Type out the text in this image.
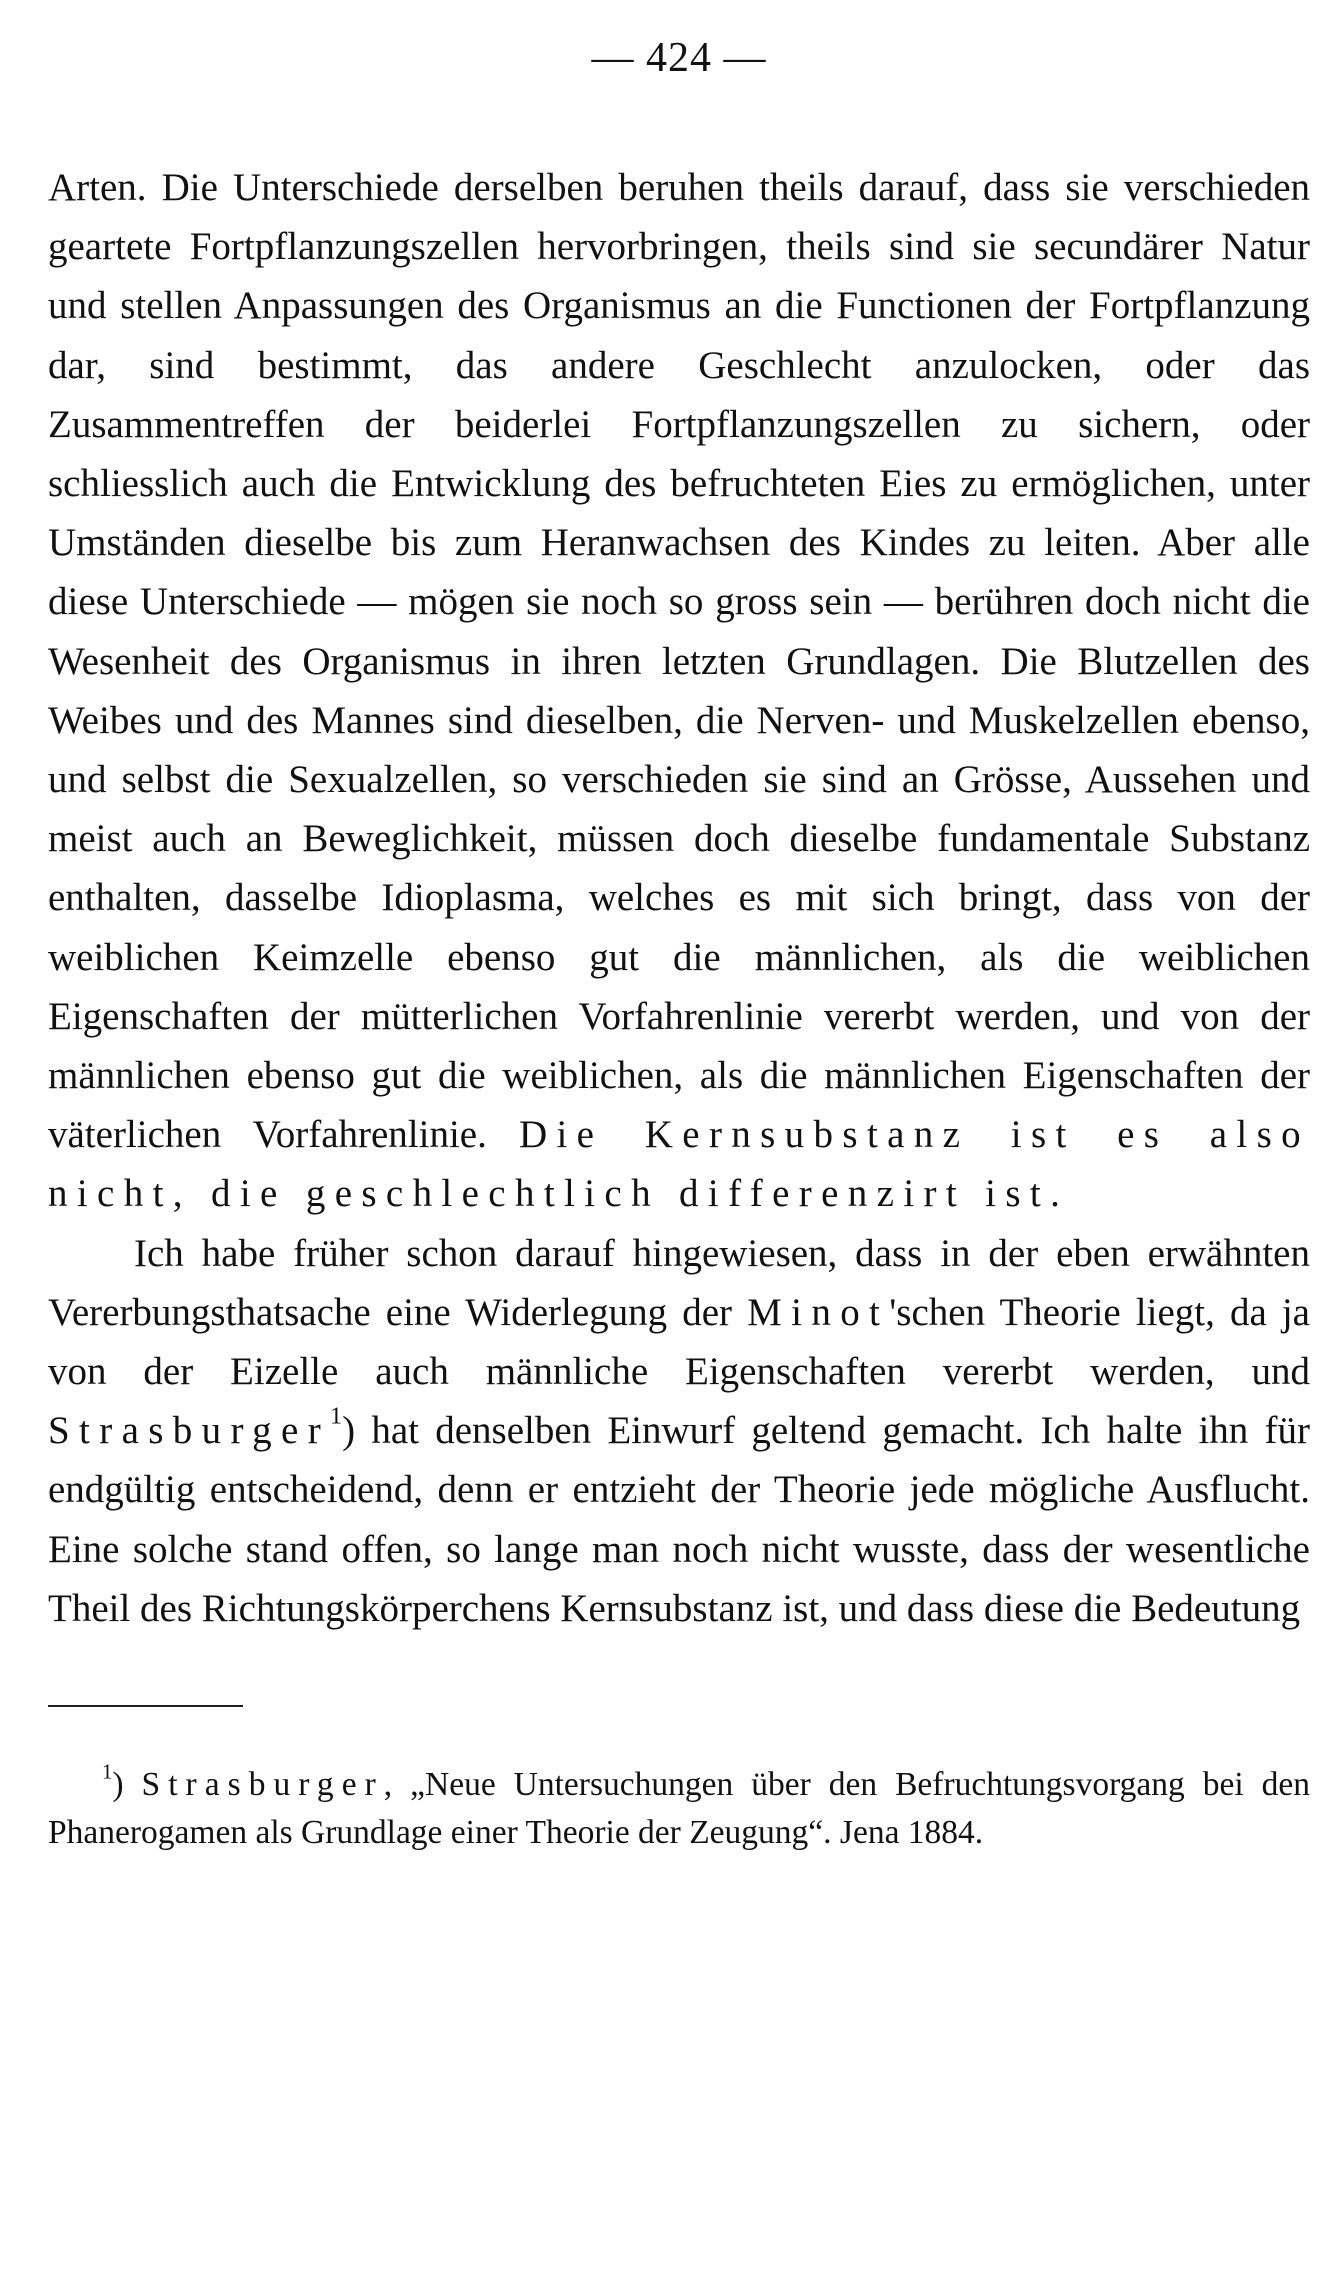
— 424 —

Arten. Die Unterschiede derselben beruhen theils darauf, dass sie verschieden geartete Fortpflanzungszellen hervorbringen, theils sind sie secundärer Natur und stellen Anpassungen des Organismus an die Functionen der Fortpflanzung dar, sind bestimmt, das andere Geschlecht anzulocken, oder das Zusammentreffen der beiderlei Fortpflanzungszellen zu sichern, oder schliesslich auch die Entwicklung des befruchteten Eies zu ermöglichen, unter Umständen dieselbe bis zum Heranwachsen des Kindes zu leiten. Aber alle diese Unterschiede — mögen sie noch so gross sein — berühren doch nicht die Wesenheit des Organismus in ihren letzten Grundlagen. Die Blutzellen des Weibes und des Mannes sind dieselben, die Nerven- und Muskelzellen ebenso, und selbst die Sexualzellen, so verschieden sie sind an Grösse, Aussehen und meist auch an Beweglichkeit, müssen doch dieselbe fundamentale Substanz enthalten, dasselbe Idioplasma, welches es mit sich bringt, dass von der weiblichen Keimzelle ebenso gut die männlichen, als die weiblichen Eigenschaften der mütterlichen Vorfahrenlinie vererbt werden, und von der männlichen ebenso gut die weiblichen, als die männlichen Eigenschaften der väterlichen Vorfahrenlinie. Die Kernsubstanz ist es also nicht, die geschlechtlich differenzirt ist.

Ich habe früher schon darauf hingewiesen, dass in der eben erwähnten Vererbungsthatsache eine Widerlegung der Minot'schen Theorie liegt, da ja von der Eizelle auch männliche Eigenschaften vererbt werden, und Strasburger$^1$) hat denselben Einwurf geltend gemacht. Ich halte ihn für endgültig entscheidend, denn er entzieht der Theorie jede mögliche Ausflucht. Eine solche stand offen, so lange man noch nicht wusste, dass der wesentliche Theil des Richtungskörperchens Kernsubstanz ist, und dass diese die Bedeutung

$^1$) Strasburger, „Neue Untersuchungen über den Befruchtungsvorgang bei den Phanerogamen als Grundlage einer Theorie der Zeugung“. Jena 1884.
